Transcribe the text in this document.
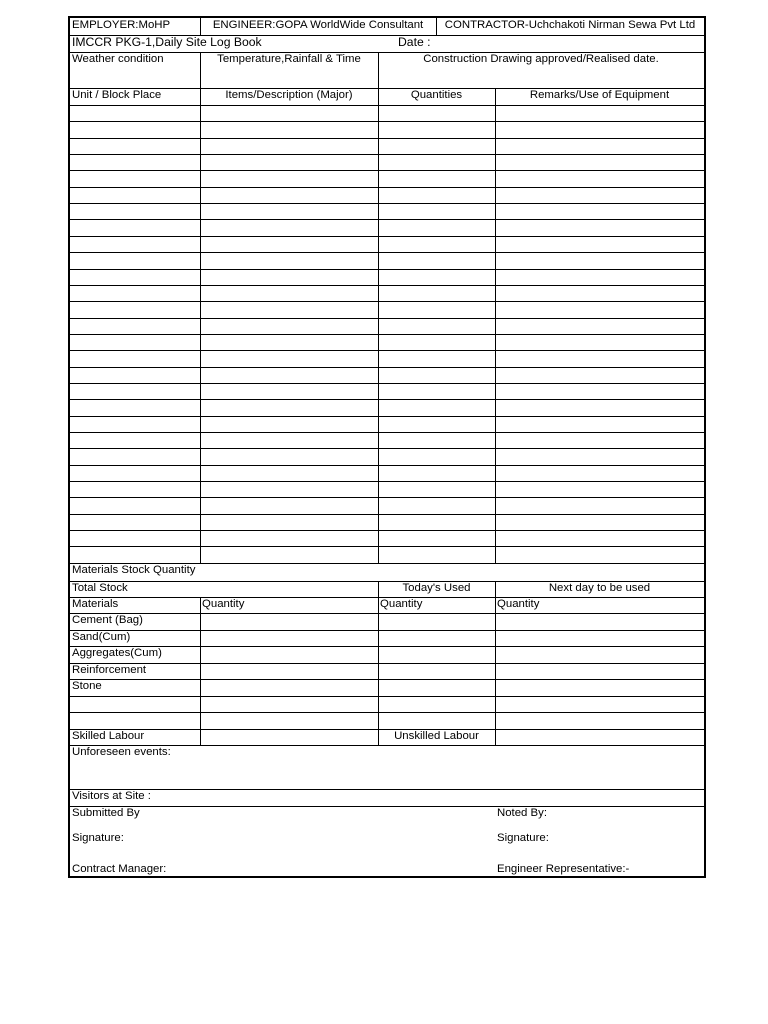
EMPLOYER:MoHP	ENGINEER:GOPA WorldWide Consultant	CONTRACTOR-Uchchakoti Nirman Sewa Pvt Ltd
IMCCR PKG-1,Daily Site Log Book	Date :
Weather condition	Temperature,Rainfall & Time	Construction Drawing approved/Realised date.
Unit / Block Place	Items/Description (Major)	Quantities	Remarks/Use of Equipment
Materials Stock Quantity
Total Stock	Today's Used	Next day to be used
Materials	Quantity	Quantity	Quantity
Cement (Bag)
Sand(Cum)
Aggregates(Cum)
Reinforcement
Stone
Skilled Labour	Unskilled Labour
Unforeseen events:
Visitors at Site :
Submitted By	Noted By:
Signature:	Signature:
Contract Manager:	Engineer Representative:-
